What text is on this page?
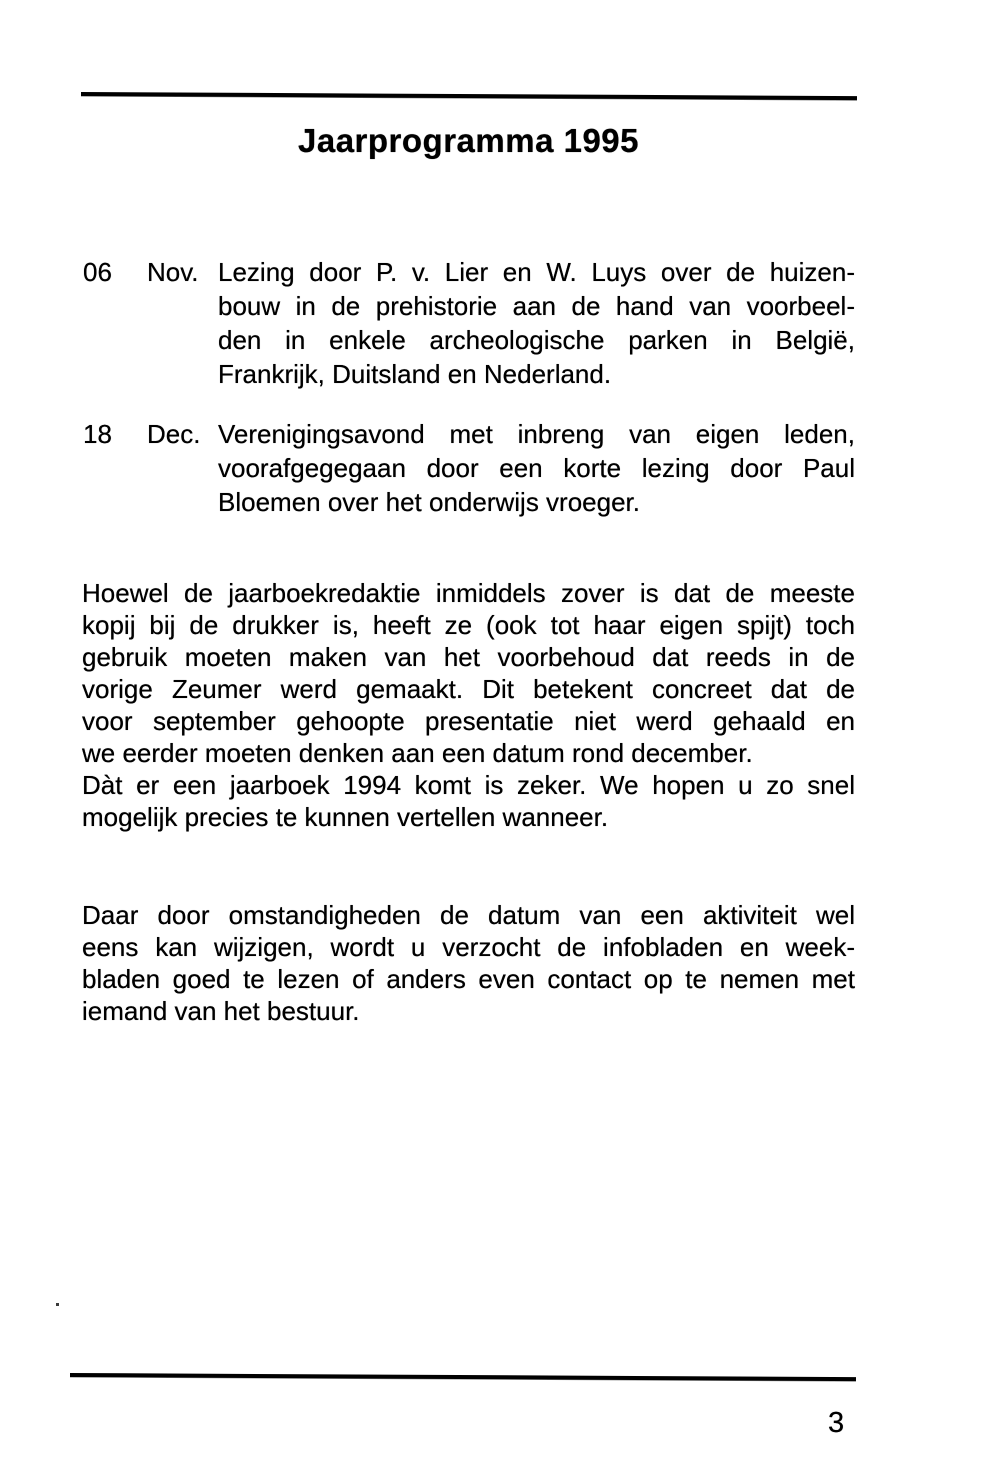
Jaarprogramma 1995
06 Nov. Lezing door P. v. Lier en W. Luys over de huizen-
bouw in de prehistorie aan de hand van voorbeel-
den in enkele archeologische parken in België,
Frankrijk, Duitsland en Nederland.
18 Dec. Verenigingsavond met inbreng van eigen leden,
voorafgegegaan door een korte lezing door Paul
Bloemen over het onderwijs vroeger.
Hoewel de jaarboekredaktie inmiddels zover is dat de meeste
kopij bij de drukker is, heeft ze (ook tot haar eigen spijt) toch
gebruik moeten maken van het voorbehoud dat reeds in de
vorige Zeumer werd gemaakt. Dit betekent concreet dat de
voor september gehoopte presentatie niet werd gehaald en
we eerder moeten denken aan een datum rond december.
Dàt er een jaarboek 1994 komt is zeker. We hopen u zo snel
mogelijk precies te kunnen vertellen wanneer.
Daar door omstandigheden de datum van een aktiviteit wel
eens kan wijzigen, wordt u verzocht de infobladen en week-
bladen goed te lezen of anders even contact op te nemen met
iemand van het bestuur.
3
